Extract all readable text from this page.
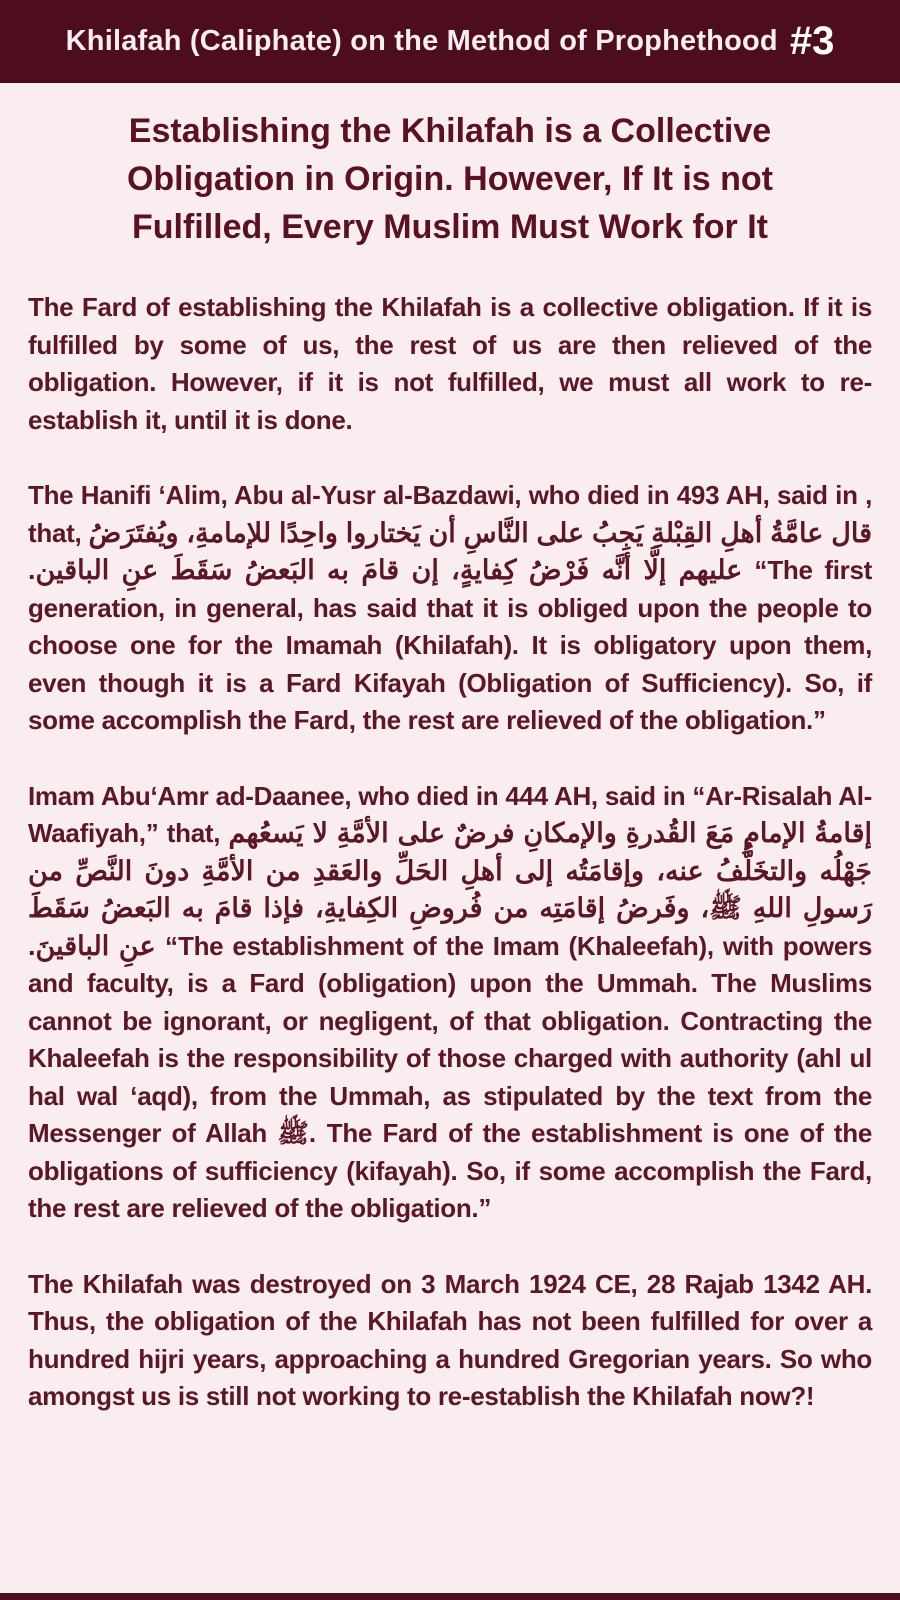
Khilafah (Caliphate) on the Method of Prophethood #3
Establishing the Khilafah is a Collective
Obligation in Origin. However, If It is not
Fulfilled, Every Muslim Must Work for It

The Fard of establishing the Khilafah is a collective obligation. If it is fulfilled by some of us, the rest of us are then relieved of the obligation. However, if it is not fulfilled, we must all work to re-establish it, until it is done.

The Hanifi ‘Alim, Abu al-Yusr al-Bazdawi, who died in 493 AH, said in , that, قال عامَّةُ أهلِ القِبْلةِ يَجِبُ على النَّاسِ أن يَختاروا واحِدًا للإمامةِ، ويُفتَرَضُ عليهم إلَّا أنَّه فَرْضُ كِفايةٍ، إن قامَ به البَعضُ سَقَطَ عنِ الباقين. “The first generation, in general, has said that it is obliged upon the people to choose one for the Imamah (Khilafah). It is obligatory upon them, even though it is a Fard Kifayah (Obligation of Sufficiency). So, if some accomplish the Fard, the rest are relieved of the obligation.”

Imam Abu‘Amr ad-Daanee, who died in 444 AH, said in “Ar-Risalah Al-Waafiyah,” that, إقامةُ الإمامِ مَعَ القُدرةِ والإمكانِ فرضٌ على الأمَّةِ لا يَسعُهم جَهْلُه والتخَلُّفُ عنه، وإقامَتُه إلى أهلِ الحَلِّ والعَقدِ من الأمَّةِ دونَ النَّصِّ من رَسولِ اللهِ ﷺ، وفَرضُ إقامَتِه من فُروضِ الكِفايةِ، فإذا قامَ به البَعضُ سَقَطَ عنِ الباقينَ. “The establishment of the Imam (Khaleefah), with powers and faculty, is a Fard (obligation) upon the Ummah. The Muslims cannot be ignorant, or negligent, of that obligation. Contracting the Khaleefah is the responsibility of those charged with authority (ahl ul hal wal ‘aqd), from the Ummah, as stipulated by the text from the Messenger of Allah ﷺ. The Fard of the establishment is one of the obligations of sufficiency (kifayah). So, if some accomplish the Fard, the rest are relieved of the obligation.”

The Khilafah was destroyed on 3 March 1924 CE, 28 Rajab 1342 AH. Thus, the obligation of the Khilafah has not been fulfilled for over a hundred hijri years, approaching a hundred Gregorian years. So who amongst us is still not working to re-establish the Khilafah now?!
